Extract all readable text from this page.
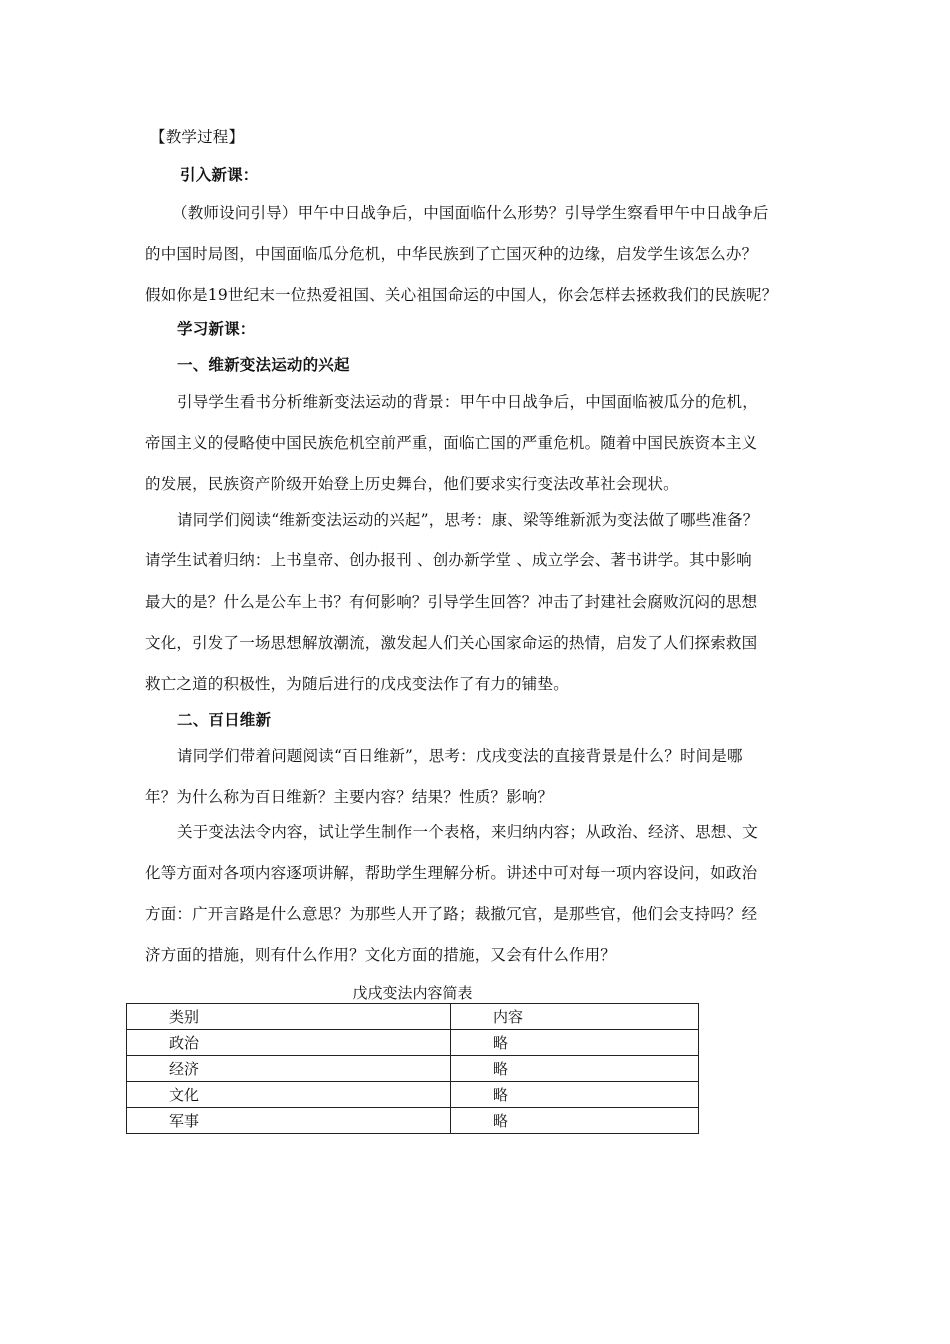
【教学过程】
引入新课：
（教师设问引导）甲午中日战争后，中国面临什么形势？引导学生察看甲午中日战争后
的中国时局图，中国面临瓜分危机，中华民族到了亡国灭种的边缘，启发学生该怎么办？
假如你是19世纪末一位热爱祖国、关心祖国命运的中国人，你会怎样去拯救我们的民族呢？
学习新课：
一、维新变法运动的兴起
引导学生看书分析维新变法运动的背景：甲午中日战争后，中国面临被瓜分的危机，
帝国主义的侵略使中国民族危机空前严重，面临亡国的严重危机。随着中国民族资本主义
的发展，民族资产阶级开始登上历史舞台，他们要求实行变法改革社会现状。
请同学们阅读“维新变法运动的兴起”，思考：康、梁等维新派为变法做了哪些准备？
请学生试着归纳：上书皇帝、创办报刊 、创办新学堂 、成立学会、著书讲学。其中影响
最大的是？什么是公车上书？有何影响？引导学生回答？冲击了封建社会腐败沉闷的思想
文化，引发了一场思想解放潮流，激发起人们关心国家命运的热情，启发了人们探索救国
救亡之道的积极性，为随后进行的戊戌变法作了有力的铺垫。
二、百日维新
请同学们带着问题阅读“百日维新”，思考：戊戌变法的直接背景是什么？时间是哪
年？为什么称为百日维新？主要内容？结果？性质？影响？
关于变法法令内容，试让学生制作一个表格，来归纳内容；从政治、经济、思想、文
化等方面对各项内容逐项讲解，帮助学生理解分析。讲述中可对每一项内容设问，如政治
方面：广开言路是什么意思？为那些人开了路；裁撤冗官，是那些官，他们会支持吗？经
济方面的措施，则有什么作用？文化方面的措施，又会有什么作用？
戊戌变法内容简表
类别	内容
政治	略
经济	略
文化	略
军事	略
